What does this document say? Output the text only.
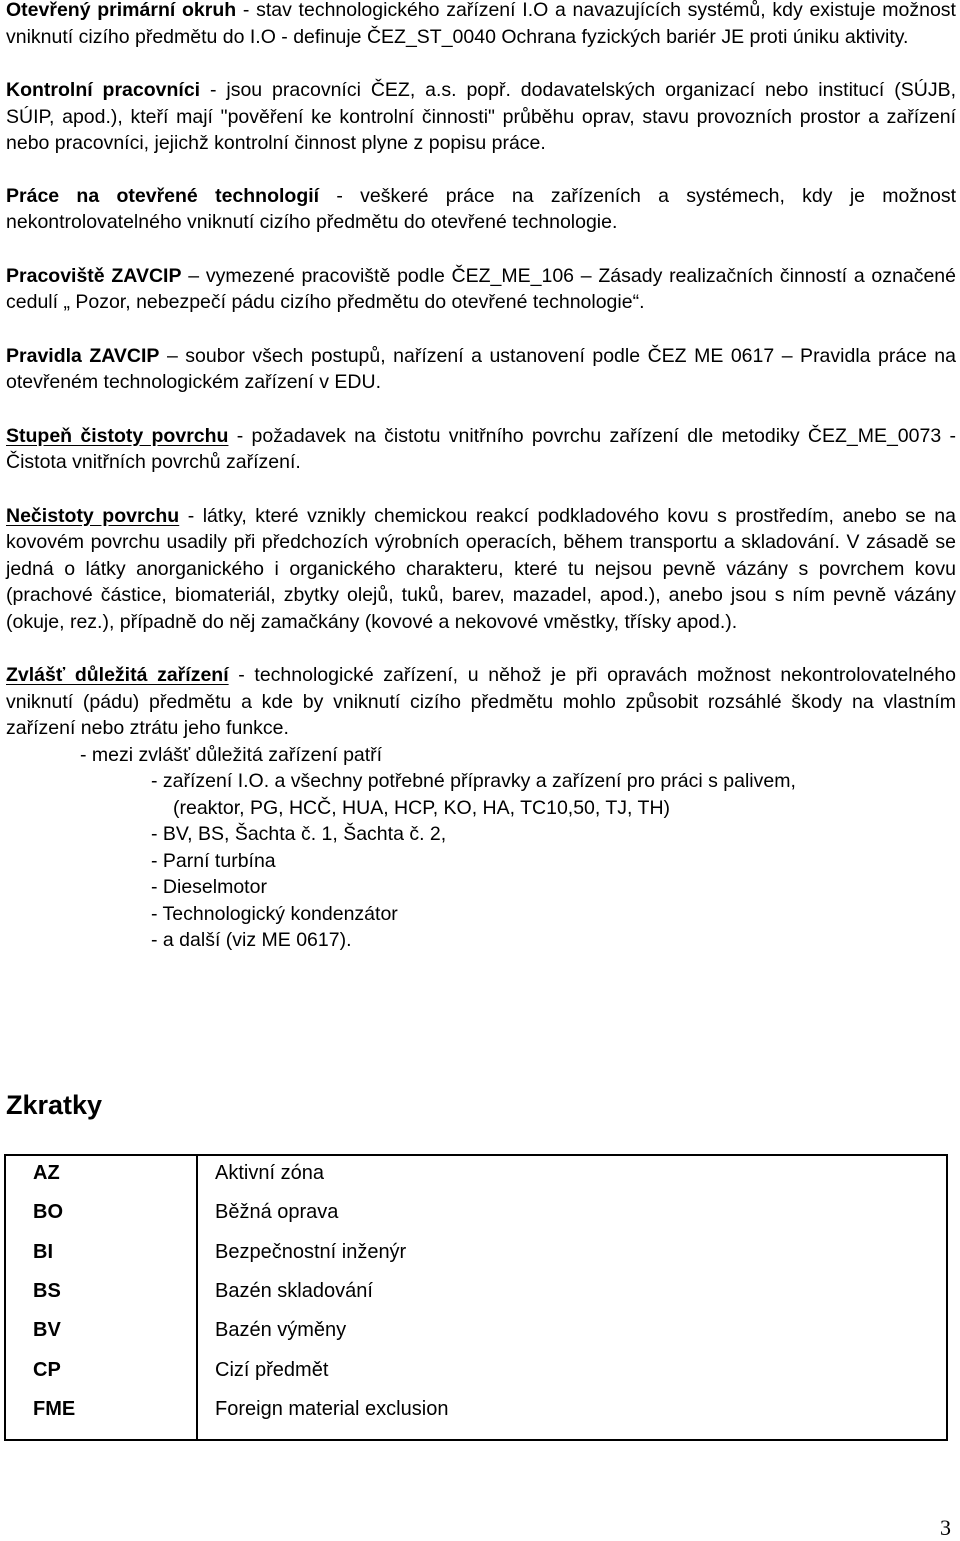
Otevřený primární okruh - stav technologického zařízení I.O a navazujících systémů, kdy existuje možnost vniknutí cizího předmětu do I.O - definuje ČEZ_ST_0040 Ochrana fyzických bariér JE proti úniku aktivity.

Kontrolní pracovníci - jsou pracovníci ČEZ, a.s. popř. dodavatelských organizací nebo institucí (SÚJB, SÚIP, apod.), kteří mají "pověření ke kontrolní činnosti" průběhu oprav, stavu provozních prostor a zařízení nebo pracovníci, jejichž kontrolní činnost plyne z popisu práce.

Práce na otevřené technologií - veškeré práce na zařízeních a systémech, kdy je možnost nekontrolovatelného vniknutí cizího předmětu do otevřené technologie.

Pracoviště ZAVCIP – vymezené pracoviště podle ČEZ_ME_106 – Zásady realizačních činností a označené cedulí „ Pozor, nebezpečí pádu cizího předmětu do otevřené technologie“.

Pravidla ZAVCIP – soubor všech postupů, nařízení a ustanovení podle ČEZ ME 0617 – Pravidla práce na otevřeném technologickém zařízení v EDU.

Stupeň čistoty povrchu - požadavek na čistotu vnitřního povrchu zařízení dle metodiky ČEZ_ME_0073 - Čistota vnitřních povrchů zařízení.

Nečistoty povrchu - látky, které vznikly chemickou reakcí podkladového kovu s prostředím, anebo se na kovovém povrchu usadily při předchozích výrobních operacích, během transportu a skladování. V zásadě se jedná o látky anorganického i organického charakteru, které tu nejsou pevně vázány s povrchem kovu (prachové částice, biomateriál, zbytky olejů, tuků, barev, mazadel, apod.), anebo jsou s ním pevně vázány (okuje, rez.), případně do něj zamačkány (kovové a nekovové vměstky, třísky apod.).

Zvlášť důležitá zařízení - technologické zařízení, u něhož je při opravách možnost nekontrolovatelného vniknutí (pádu) předmětu a kde by vniknutí cizího předmětu mohlo způsobit rozsáhlé škody na vlastním zařízení nebo ztrátu jeho funkce.

- mezi zvlášť důležitá zařízení patří

- zařízení I.O. a všechny potřebné přípravky a zařízení pro práci s palivem,

(reaktor, PG, HCČ, HUA, HCP, KO, HA, TC10,50, TJ, TH)

- BV, BS, Šachta č. 1, Šachta č. 2,

- Parní turbína

- Dieselmotor

- Technologický kondenzátor

- a další (viz ME 0617).

Zkratky
AZ	Aktivní zóna
BO	Běžná oprava
BI	Bezpečnostní inženýr
BS	Bazén skladování
BV	Bazén výměny
CP	Cizí předmět
FME	Foreign material exclusion
3
